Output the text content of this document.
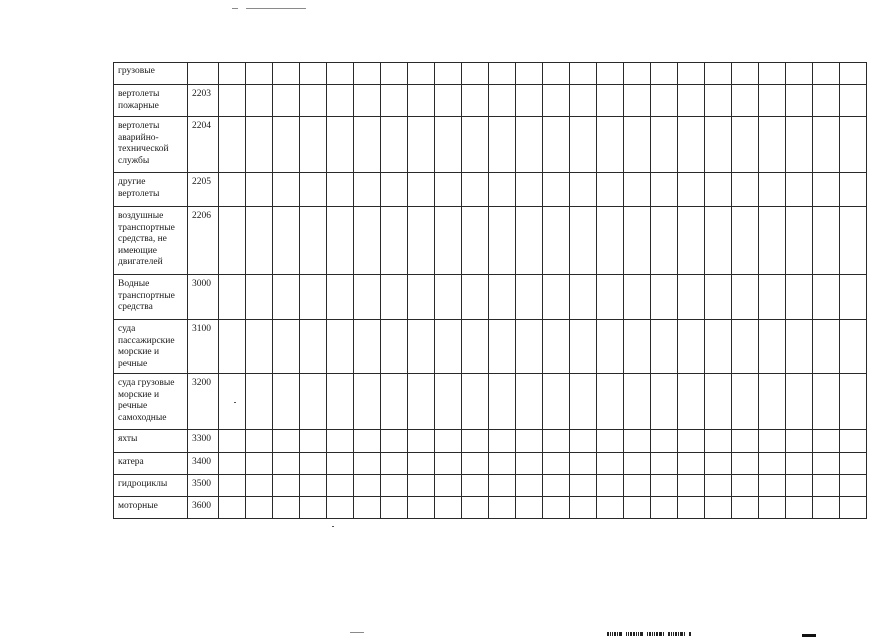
грузовые																									
вертолеты пожарные	2203																								
вертолеты аварийно-технической службы	2204																								
другие вертолеты	2205																								
воздушные транспортные средства, не имеющие двигателей	2206																								
Водные транспортные средства	3000																								
суда пассажирские морские и речные	3100																								
суда грузовые морские и речные самоходные	3200																								
яхты	3300																								
катера	3400																								
гидроциклы	3500																								
моторные	3600																								
